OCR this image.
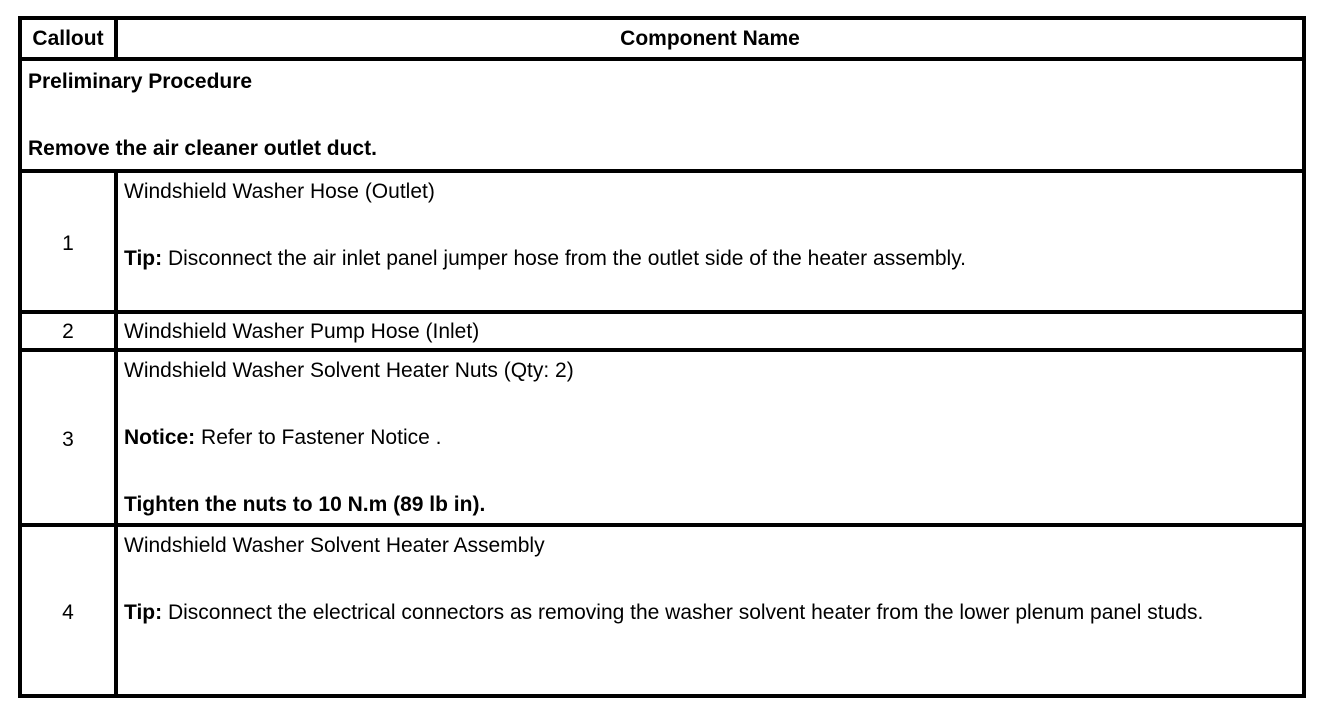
Callout	Component Name

Preliminary Procedure

Remove the air cleaner outlet duct.	

1	Windshield Washer Hose (Outlet)

Tip: Disconnect the air inlet panel jumper hose from the outlet side of the heater assembly.

2	Windshield Washer Pump Hose (Inlet)

3	Windshield Washer Solvent Heater Nuts (Qty: 2)

Notice: Refer to Fastener Notice .

Tighten the nuts to 10 N.m (89 lb in).

4	Windshield Washer Solvent Heater Assembly

Tip: Disconnect the electrical connectors as removing the washer solvent heater from the lower plenum panel studs.
